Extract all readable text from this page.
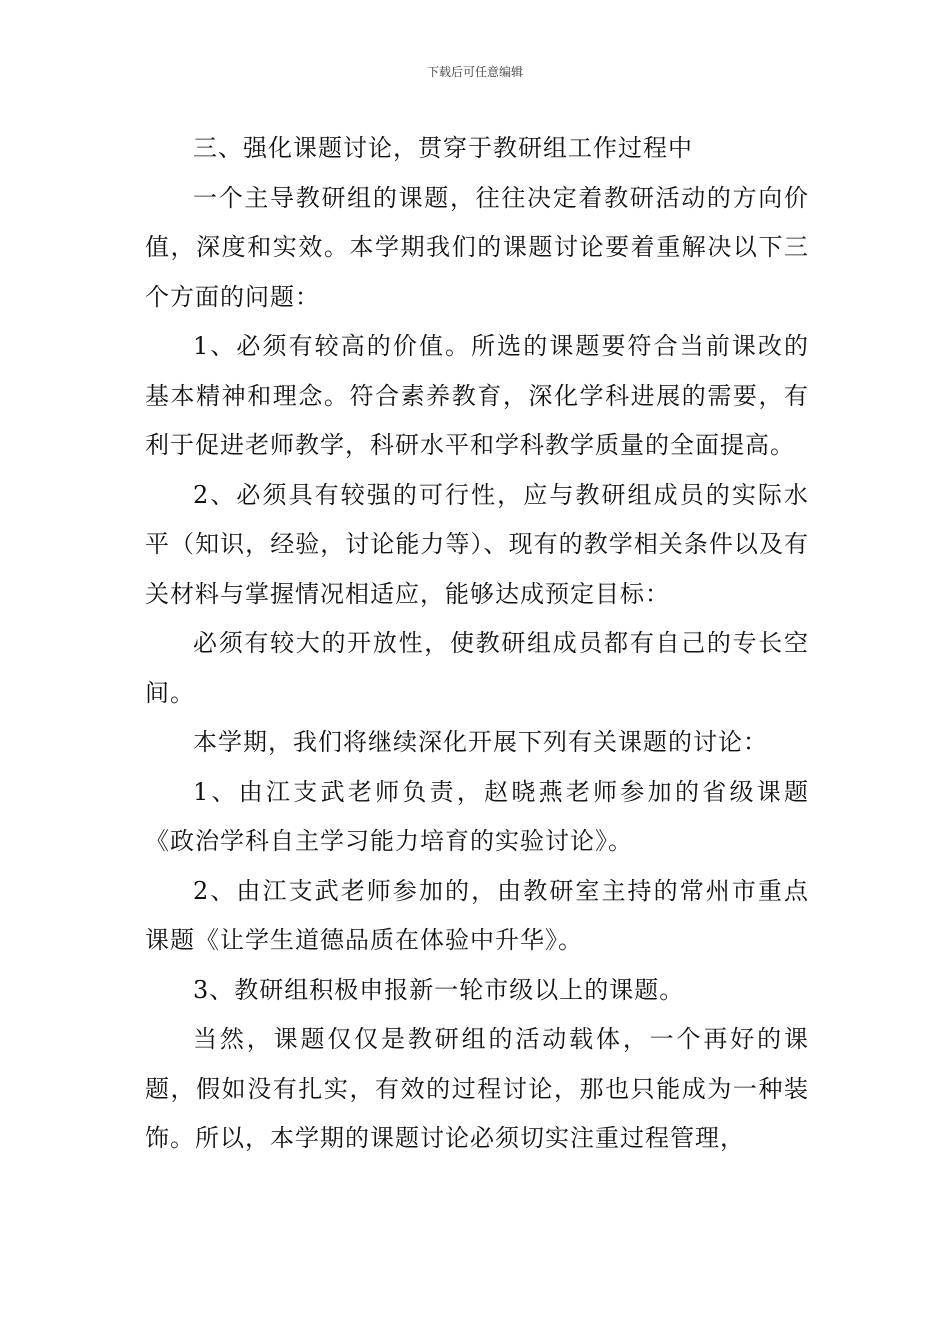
下载后可任意编辑

三、强化课题讨论，贯穿于教研组工作过程中

一个主导教研组的课题，往往决定着教研活动的方向价值，深度和实效。本学期我们的课题讨论要着重解决以下三个方面的问题：

1、必须有较高的价值。所选的课题要符合当前课改的基本精神和理念。符合素养教育，深化学科进展的需要，有利于促进老师教学，科研水平和学科教学质量的全面提高。

2、必须具有较强的可行性，应与教研组成员的实际水平（知识，经验，讨论能力等）、现有的教学相关条件以及有关材料与掌握情况相适应，能够达成预定目标：

必须有较大的开放性，使教研组成员都有自己的专长空间。

本学期，我们将继续深化开展下列有关课题的讨论：

1、由江支武老师负责，赵晓燕老师参加的省级课题《政治学科自主学习能力培育的实验讨论》。

2、由江支武老师参加的，由教研室主持的常州市重点课题《让学生道德品质在体验中升华》。

3、教研组积极申报新一轮市级以上的课题。

当然，课题仅仅是教研组的活动载体，一个再好的课题，假如没有扎实，有效的过程讨论，那也只能成为一种装饰。所以，本学期的课题讨论必须切实注重过程管理，
